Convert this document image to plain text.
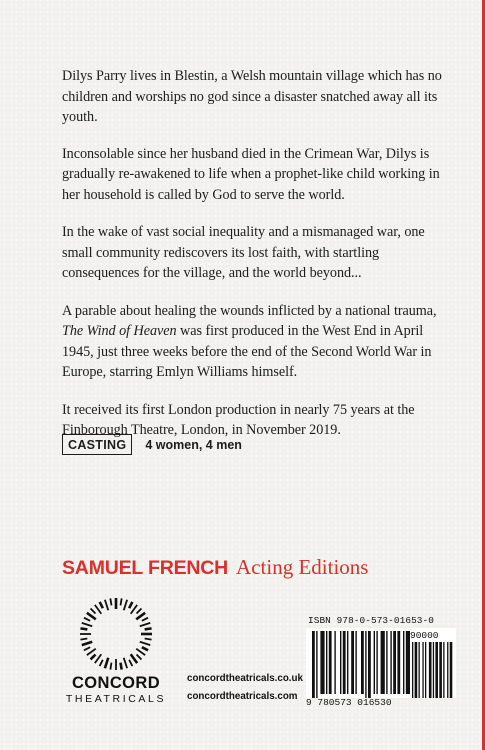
Dilys Parry lives in Blestin, a Welsh mountain village which has no children and worships no god since a disaster snatched away all its youth.

Inconsolable since her husband died in the Crimean War, Dilys is gradually re-awakened to life when a prophet-like child working in her household is called by God to serve the world.

In the wake of vast social inequality and a mismanaged war, one small community rediscovers its lost faith, with startling consequences for the village, and the world beyond...

A parable about healing the wounds inflicted by a national trauma, The Wind of Heaven was first produced in the West End in April 1945, just three weeks before the end of the Second World War in Europe, starring Emlyn Williams himself.

It received its first London production in nearly 75 years at the Finborough Theatre, London, in November 2019.

CASTING	4 women, 4 men
SAMUEL FRENCH Acting Editions
CONCORD
THEATRICALS
concordtheatricals.co.uk
concordtheatricals.com
ISBN 978-0-573-01653-0
90000
9 780573 016530
